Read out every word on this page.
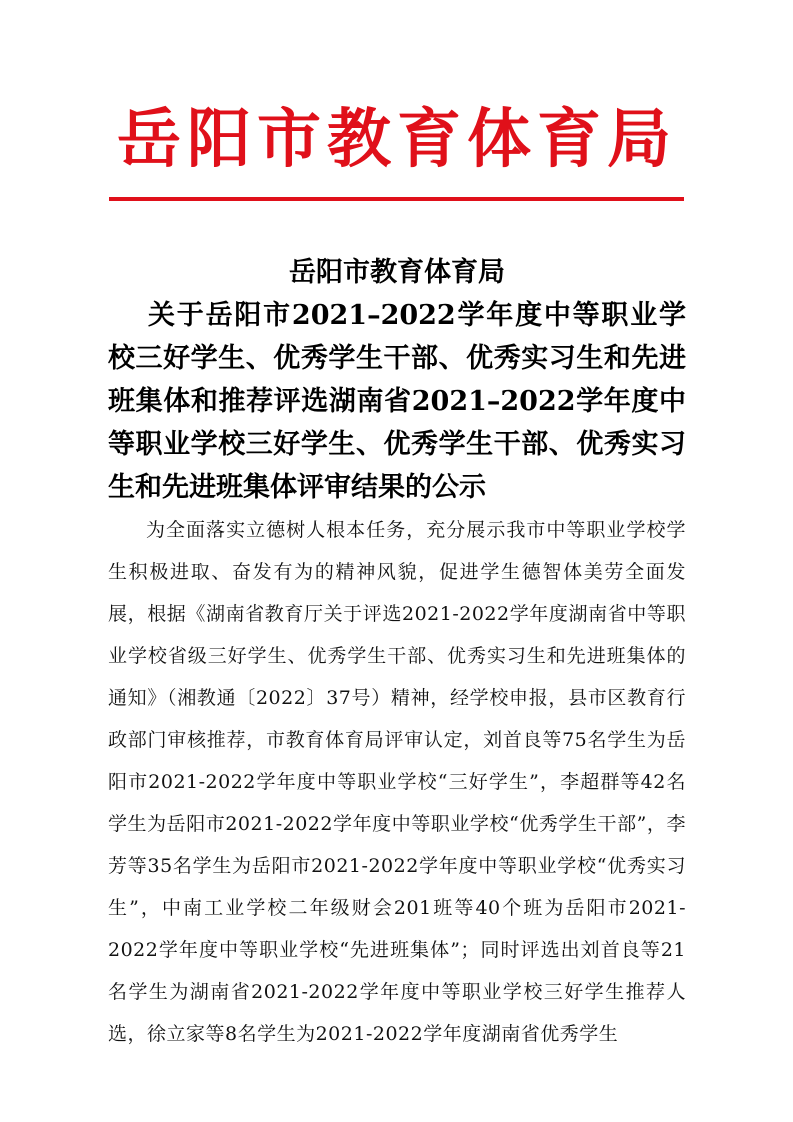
岳阳市教育体育局
岳阳市教育体育局
关于岳阳市2021–2022学年度中等职业学校三好学生、优秀学生干部、优秀实习生和先进班集体和推荐评选湖南省2021–2022学年度中等职业学校三好学生、优秀学生干部、优秀实习生和先进班集体评审结果的公示
为全面落实立德树人根本任务，充分展示我市中等职业学校学生积极进取、奋发有为的精神风貌，促进学生德智体美劳全面发展，根据《湖南省教育厅关于评选2021-2022学年度湖南省中等职业学校省级三好学生、优秀学生干部、优秀实习生和先进班集体的通知》（湘教通〔2022〕37号）精神，经学校申报，县市区教育行政部门审核推荐，市教育体育局评审认定，刘首良等75名学生为岳阳市2021-2022学年度中等职业学校“三好学生”，李超群等42名学生为岳阳市2021-2022学年度中等职业学校“优秀学生干部”，李芳等35名学生为岳阳市2021-2022学年度中等职业学校“优秀实习生”，中南工业学校二年级财会201班等40个班为岳阳市2021-2022学年度中等职业学校“先进班集体”；同时评选出刘首良等21名学生为湖南省2021-2022学年度中等职业学校三好学生推荐人选，徐立家等8名学生为2021-2022学年度湖南省优秀学生
